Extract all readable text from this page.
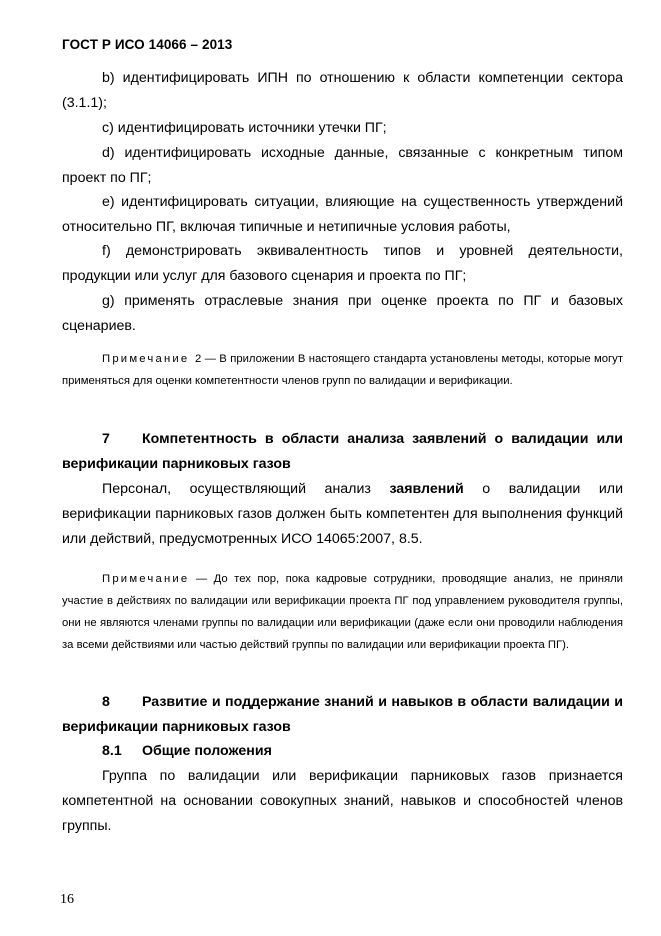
ГОСТ Р ИСО 14066 – 2013
b) идентифицировать ИПН по отношению к области компетенции сектора (3.1.1);
c) идентифицировать источники утечки ПГ;
d) идентифицировать исходные данные, связанные с конкретным типом проект по ПГ;
e) идентифицировать ситуации, влияющие на существенность утверждений относительно ПГ, включая типичные и нетипичные условия работы,
f) демонстрировать эквивалентность типов и уровней деятельности, продукции или услуг для базового сценария и проекта по ПГ;
g) применять отраслевые знания при оценке проекта по ПГ и базовых сценариев.
Примечание 2 — В приложении В настоящего стандарта установлены методы, которые могут применяться для оценки компетентности членов групп по валидации и верификации.
7 Компетентность в области анализа заявлений о валидации или верификации парниковых газов
Персонал, осуществляющий анализ заявлений о валидации или верификации парниковых газов должен быть компетентен для выполнения функций или действий, предусмотренных ИСО 14065:2007, 8.5.
Примечание — До тех пор, пока кадровые сотрудники, проводящие анализ, не приняли участие в действиях по валидации или верификации проекта ПГ под управлением руководителя группы, они не являются членами группы по валидации или верификации (даже если они проводили наблюдения за всеми действиями или частью действий группы по валидации или верификации проекта ПГ).
8 Развитие и поддержание знаний и навыков в области валидации и верификации парниковых газов
8.1 Общие положения
Группа по валидации или верификации парниковых газов признается компетентной на основании совокупных знаний, навыков и способностей членов группы.
16
